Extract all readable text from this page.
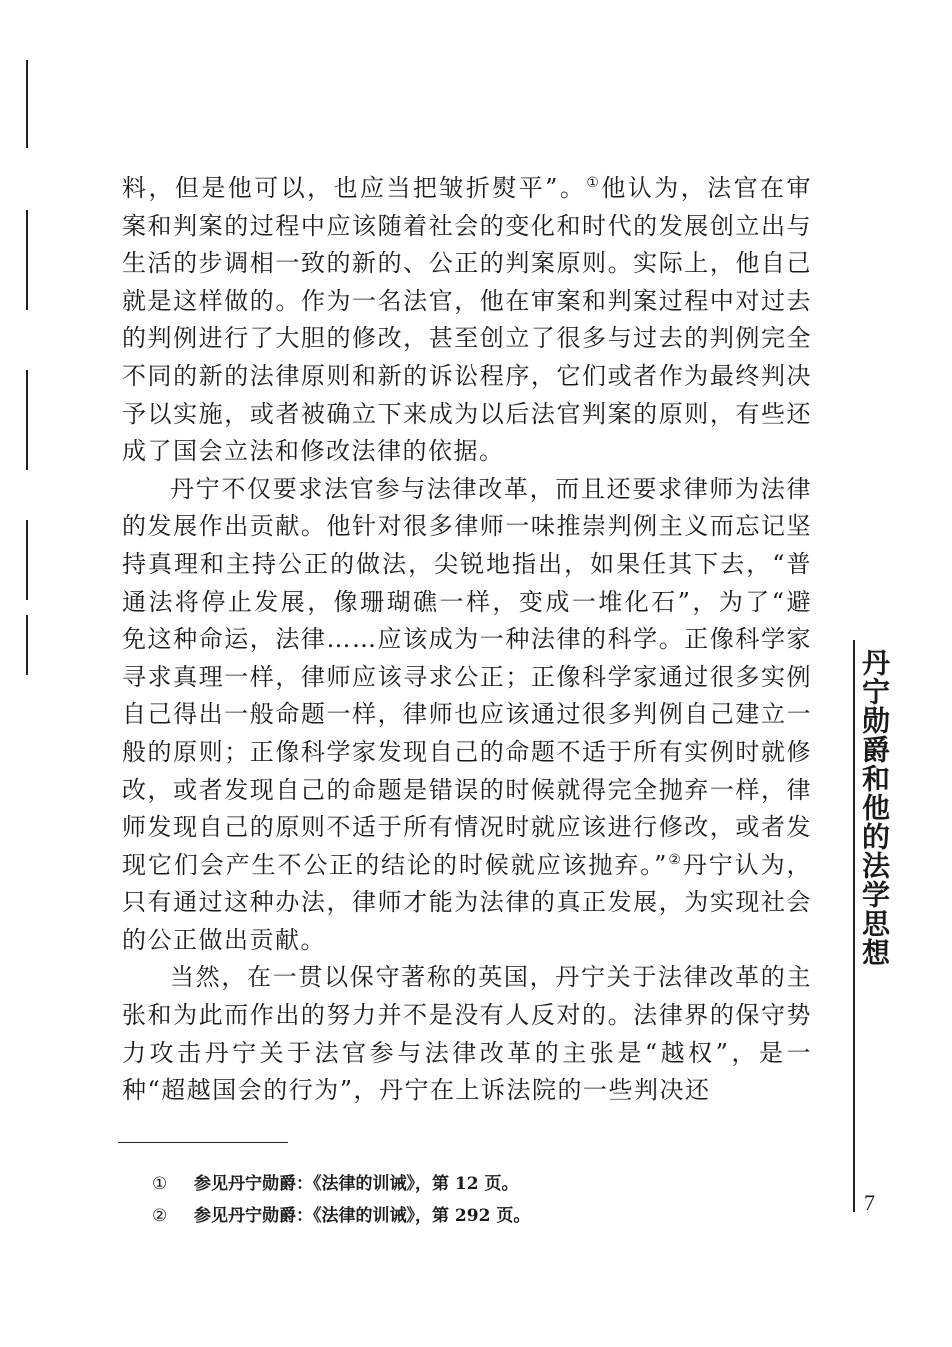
料，但是他可以，也应当把皱折熨平”。①他认为，法官在审案和判案的过程中应该随着社会的变化和时代的发展创立出与生活的步调相一致的新的、公正的判案原则。实际上，他自己就是这样做的。作为一名法官，他在审案和判案过程中对过去的判例进行了大胆的修改，甚至创立了很多与过去的判例完全不同的新的法律原则和新的诉讼程序，它们或者作为最终判决予以实施，或者被确立下来成为以后法官判案的原则，有些还成了国会立法和修改法律的依据。

丹宁不仅要求法官参与法律改革，而且还要求律师为法律的发展作出贡献。他针对很多律师一味推崇判例主义而忘记坚持真理和主持公正的做法，尖锐地指出，如果任其下去，“普通法将停止发展，像珊瑚礁一样，变成一堆化石”，为了“避免这种命运，法律……应该成为一种法律的科学。正像科学家寻求真理一样，律师应该寻求公正；正像科学家通过很多实例自己得出一般命题一样，律师也应该通过很多判例自己建立一般的原则；正像科学家发现自己的命题不适于所有实例时就修改，或者发现自己的命题是错误的时候就得完全抛弃一样，律师发现自己的原则不适于所有情况时就应该进行修改，或者发现它们会产生不公正的结论的时候就应该抛弃。”②丹宁认为，只有通过这种办法，律师才能为法律的真正发展，为实现社会的公正做出贡献。

当然，在一贯以保守著称的英国，丹宁关于法律改革的主张和为此而作出的努力并不是没有人反对的。法律界的保守势力攻击丹宁关于法官参与法律改革的主张是“越权”，是一种“超越国会的行为”，丹宁在上诉法院的一些判决还

① 参见丹宁勋爵：《法律的训诫》，第 12 页。
② 参见丹宁勋爵：《法律的训诫》，第 292 页。
丹宁勋爵和他的法学思想
7
